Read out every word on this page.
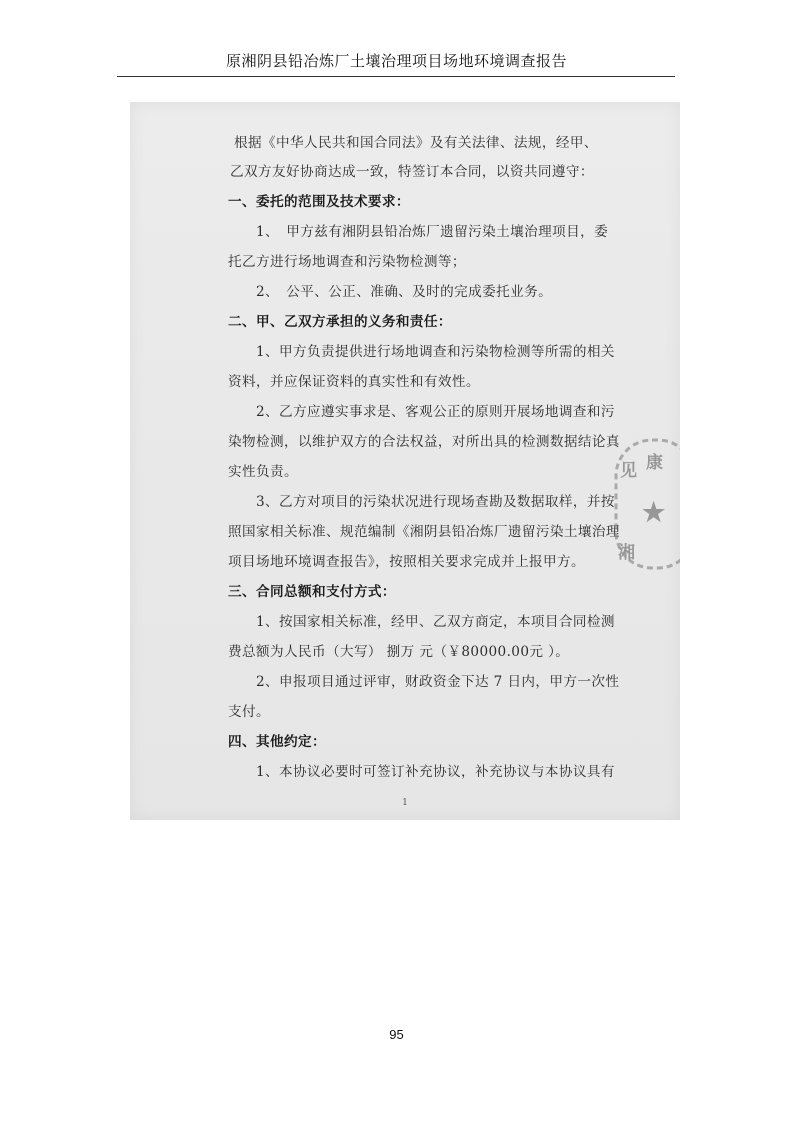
原湘阴县铅冶炼厂土壤治理项目场地环境调查报告
根据《中华人民共和国合同法》及有关法律、法规，经甲、
乙双方友好协商达成一致，特签订本合同，以资共同遵守：
一、委托的范围及技术要求：
1、　甲方兹有湘阴县铅冶炼厂遗留污染土壤治理项目，委
托乙方进行场地调查和污染物检测等；
2、　公平、公正、准确、及时的完成委托业务。
二、甲、乙双方承担的义务和责任：
1、甲方负责提供进行场地调查和污染物检测等所需的相关
资料，并应保证资料的真实性和有效性。
2、乙方应遵实事求是、客观公正的原则开展场地调查和污
染物检测，以维护双方的合法权益，对所出具的检测数据结论真
实性负责。
3、乙方对项目的污染状况进行现场查勘及数据取样，并按
照国家相关标准、规范编制《湘阴县铅冶炼厂遗留污染土壤治理
项目场地环境调查报告》，按照相关要求完成并上报甲方。
三、合同总额和支付方式：
1、按国家相关标准，经甲、乙双方商定，本项目合同检测
费总额为人民币（大写） 捌万 元（￥80000.00元 ）。
2、申报项目通过评审，财政资金下达 7 日内，甲方一次性
支付。
四、其他约定：
1、本协议必要时可签订补充协议，补充协议与本协议具有
见 康
★
湘
1
95
